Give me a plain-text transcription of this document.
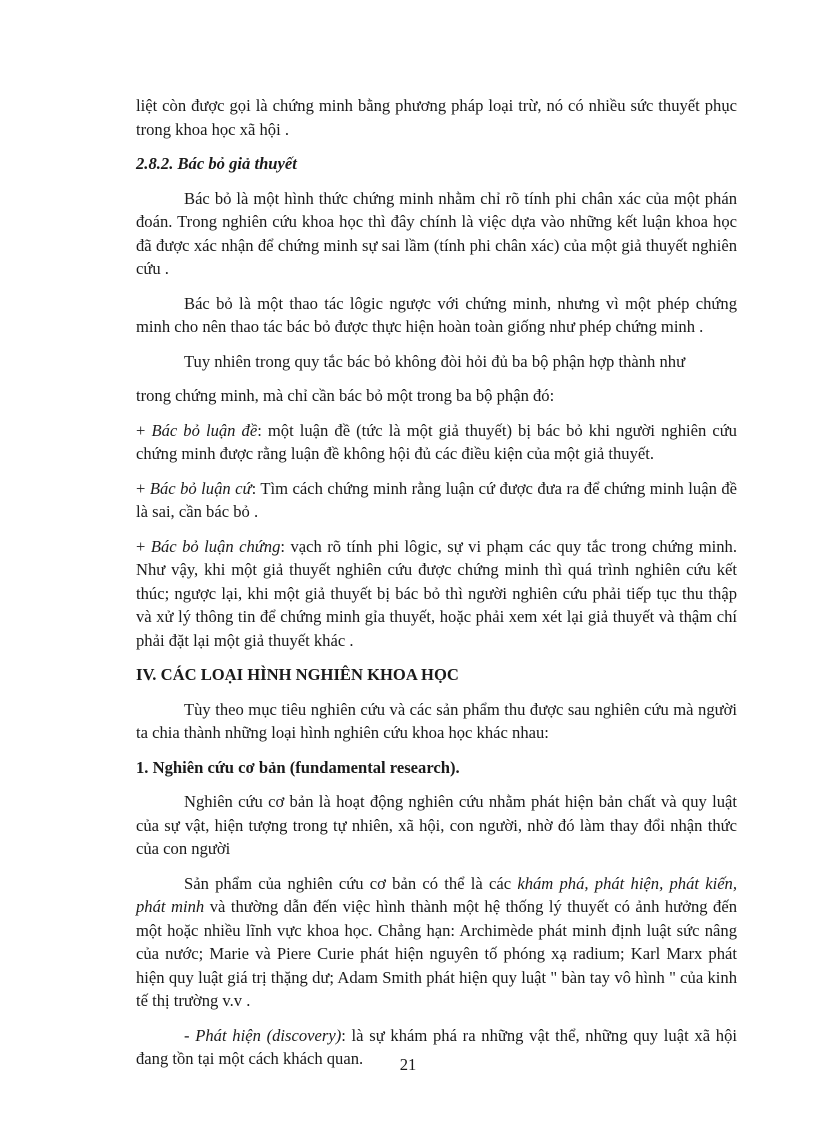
liệt còn được gọi là chứng minh bằng phương pháp loại trừ, nó có nhiều sức thuyết phục trong khoa học xã hội .

2.8.2. Bác bỏ giả thuyết

Bác bỏ là một hình thức chứng minh nhằm chỉ rõ tính phi chân xác của một phán đoán. Trong nghiên cứu khoa học thì đây chính là việc dựa vào những kết luận khoa học đã được xác nhận để chứng minh sự sai lầm (tính phi chân xác) của một giả thuyết nghiên cứu .

Bác bỏ là một thao tác lôgic ngược với chứng minh, nhưng vì một phép chứng minh cho nên thao tác bác bỏ được thực hiện hoàn toàn giống như phép chứng minh .

Tuy nhiên trong quy tắc bác bỏ không đòi hỏi đủ ba bộ phận hợp thành như

trong chứng minh, mà chỉ cần bác bỏ một trong ba bộ phận đó:

+ Bác bỏ luận đề: một luận đề (tức là một giả thuyết) bị bác bỏ khi người nghiên cứu chứng minh được rằng luận đề không hội đủ các điều kiện của một giả thuyết.

+ Bác bỏ luận cứ: Tìm cách chứng minh rằng luận cứ được đưa ra để chứng minh luận đề là sai, cần bác bỏ .

+ Bác bỏ luận chứng: vạch rõ tính phi lôgic, sự vi phạm các quy tắc trong chứng minh. Như vậy, khi một giả thuyết nghiên cứu được chứng minh thì quá trình nghiên cứu kết thúc; ngược lại, khi một giả thuyết bị bác bỏ thì người nghiên cứu phải tiếp tục thu thập và xử lý thông tin để chứng minh gỉa thuyết, hoặc phải xem xét lại giả thuyết và thậm chí phải đặt lại một giả thuyết khác .

IV. CÁC LOẠI HÌNH NGHIÊN KHOA HỌC

Tùy theo mục tiêu nghiên cứu và các sản phẩm thu được sau nghiên cứu mà người ta chia thành những loại hình nghiên cứu khoa học khác nhau:

1. Nghiên cứu cơ bản (fundamental research).

Nghiên cứu cơ bản là hoạt động nghiên cứu nhằm phát hiện bản chất và quy luật của sự vật, hiện tượng trong tự nhiên, xã hội, con người, nhờ đó làm thay đổi nhận thức của con người

Sản phẩm của nghiên cứu cơ bản có thể là các khám phá, phát hiện, phát kiến, phát minh và thường dẫn đến việc hình thành một hệ thống lý thuyết có ảnh hưởng đến một hoặc nhiều lĩnh vực khoa học. Chẳng hạn: Archimède phát minh định luật sức nâng của nước; Marie và Piere Curie phát hiện nguyên tố phóng xạ radium; Karl Marx phát hiện quy luật giá trị thặng dư; Adam Smith phát hiện quy luật " bàn tay vô hình " của kinh tế thị trường v.v .

- Phát hiện (discovery): là sự khám phá ra những vật thể, những quy luật xã hội đang tồn tại một cách khách quan.	21
